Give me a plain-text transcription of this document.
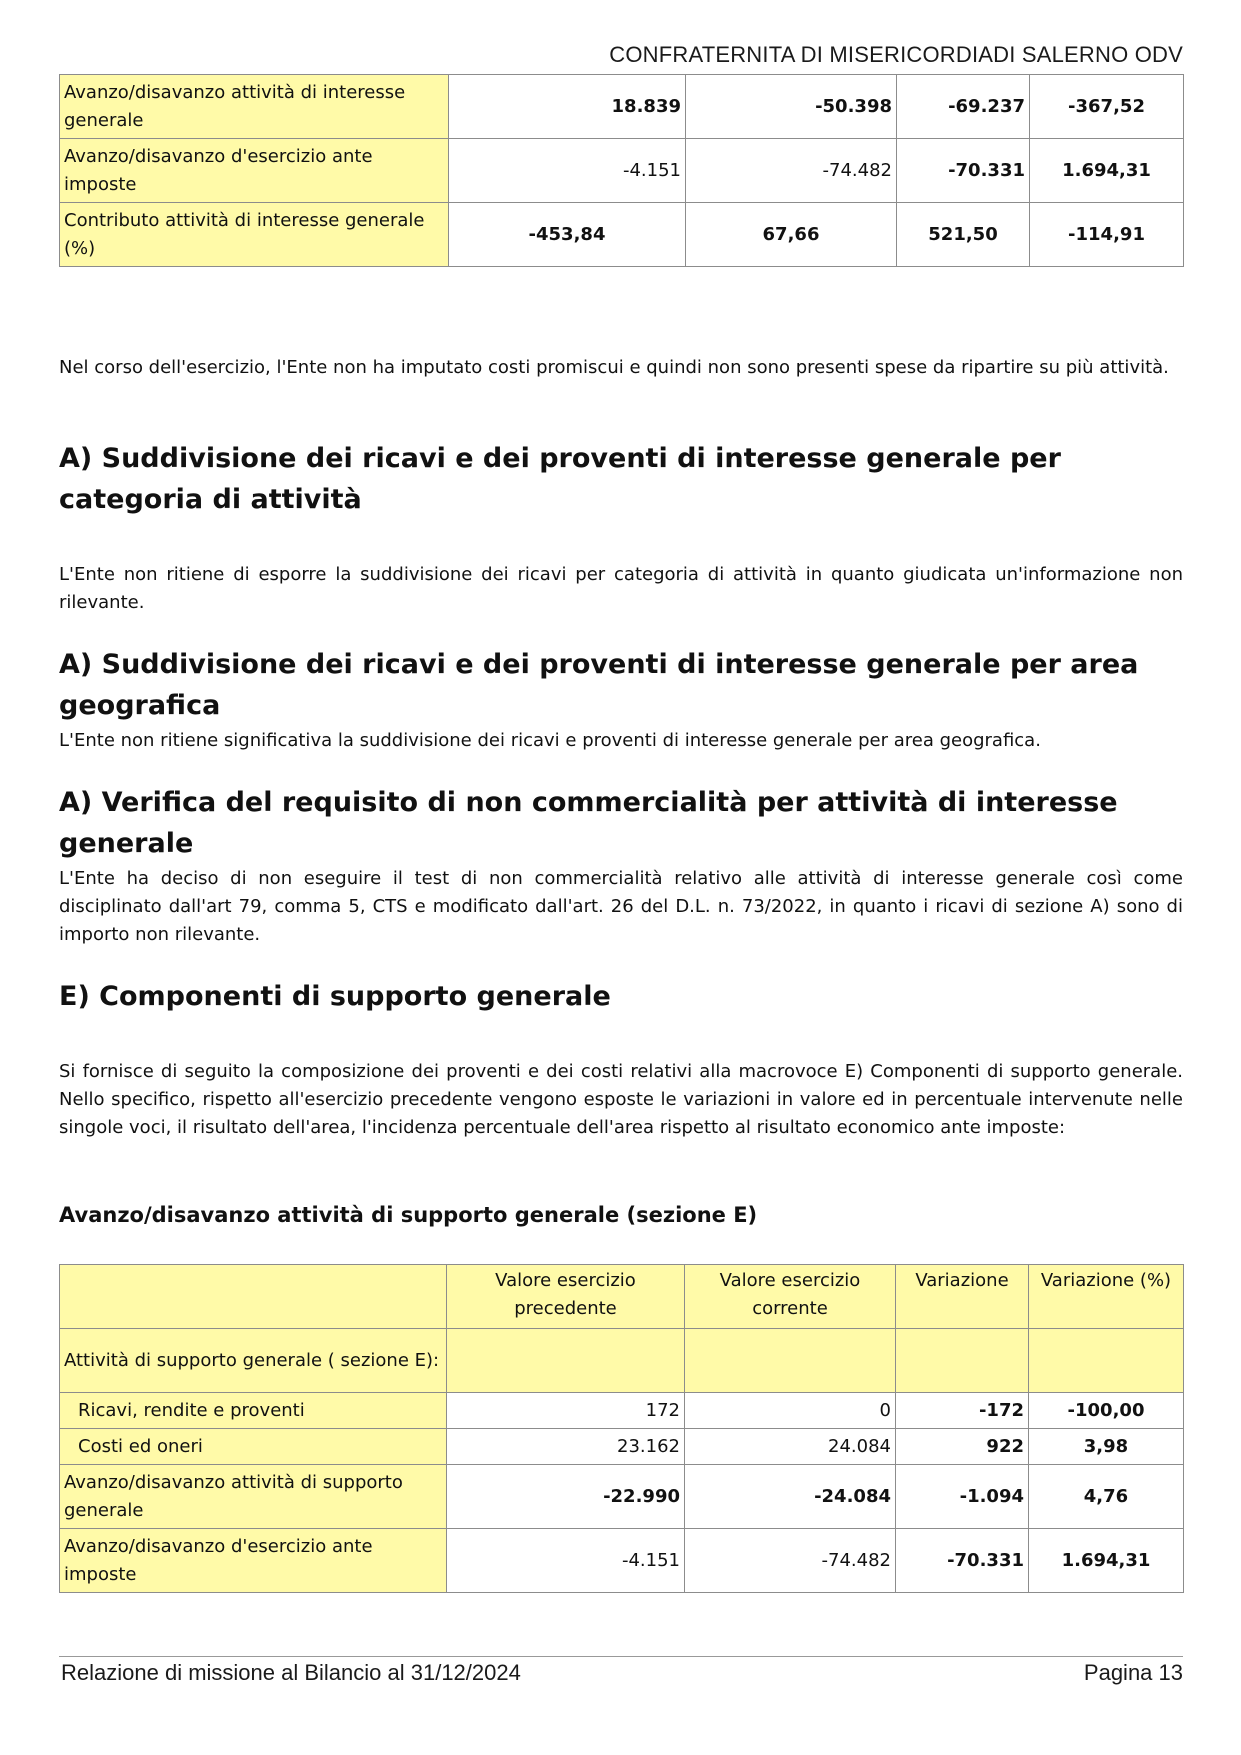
CONFRATERNITA DI MISERICORDIADI SALERNO ODV
Avanzo/disavanzo attività di interesse generale	18.839	-50.398	-69.237	-367,52
Avanzo/disavanzo d'esercizio ante imposte	-4.151	-74.482	-70.331	1.694,31
Contributo attività di interesse generale (%)	-453,84	67,66	521,50	-114,91
Nel corso dell'esercizio, l'Ente non ha imputato costi promiscui e quindi non sono presenti spese da ripartire su più attività.
A) Suddivisione dei ricavi e dei proventi di interesse generale per categoria di attività
L'Ente non ritiene di esporre la suddivisione dei ricavi per categoria di attività in quanto giudicata un'informazione non rilevante.
A) Suddivisione dei ricavi e dei proventi di interesse generale per area geografica
L'Ente non ritiene significativa la suddivisione dei ricavi e proventi di interesse generale per area geografica.
A) Verifica del requisito di non commercialità per attività di interesse generale
L'Ente ha deciso di non eseguire il test di non commercialità relativo alle attività di interesse generale così come disciplinato dall'art 79, comma 5, CTS e modificato dall'art. 26 del D.L. n. 73/2022, in quanto i ricavi di sezione A) sono di importo non rilevante.
E) Componenti di supporto generale
Si fornisce di seguito la composizione dei proventi e dei costi relativi alla macrovoce E) Componenti di supporto generale. Nello specifico, rispetto all'esercizio precedente vengono esposte le variazioni in valore ed in percentuale intervenute nelle singole voci, il risultato dell'area, l'incidenza percentuale dell'area rispetto al risultato economico ante imposte:
Avanzo/disavanzo attività di supporto generale (sezione E)
	Valore esercizio precedente	Valore esercizio corrente	Variazione	Variazione (%)
Attività di supporto generale ( sezione E):				
Ricavi, rendite e proventi	172	0	-172	-100,00
Costi ed oneri	23.162	24.084	922	3,98
Avanzo/disavanzo attività di supporto generale	-22.990	-24.084	-1.094	4,76
Avanzo/disavanzo d'esercizio ante imposte	-4.151	-74.482	-70.331	1.694,31
Relazione di missione al Bilancio al 31/12/2024	Pagina 13
